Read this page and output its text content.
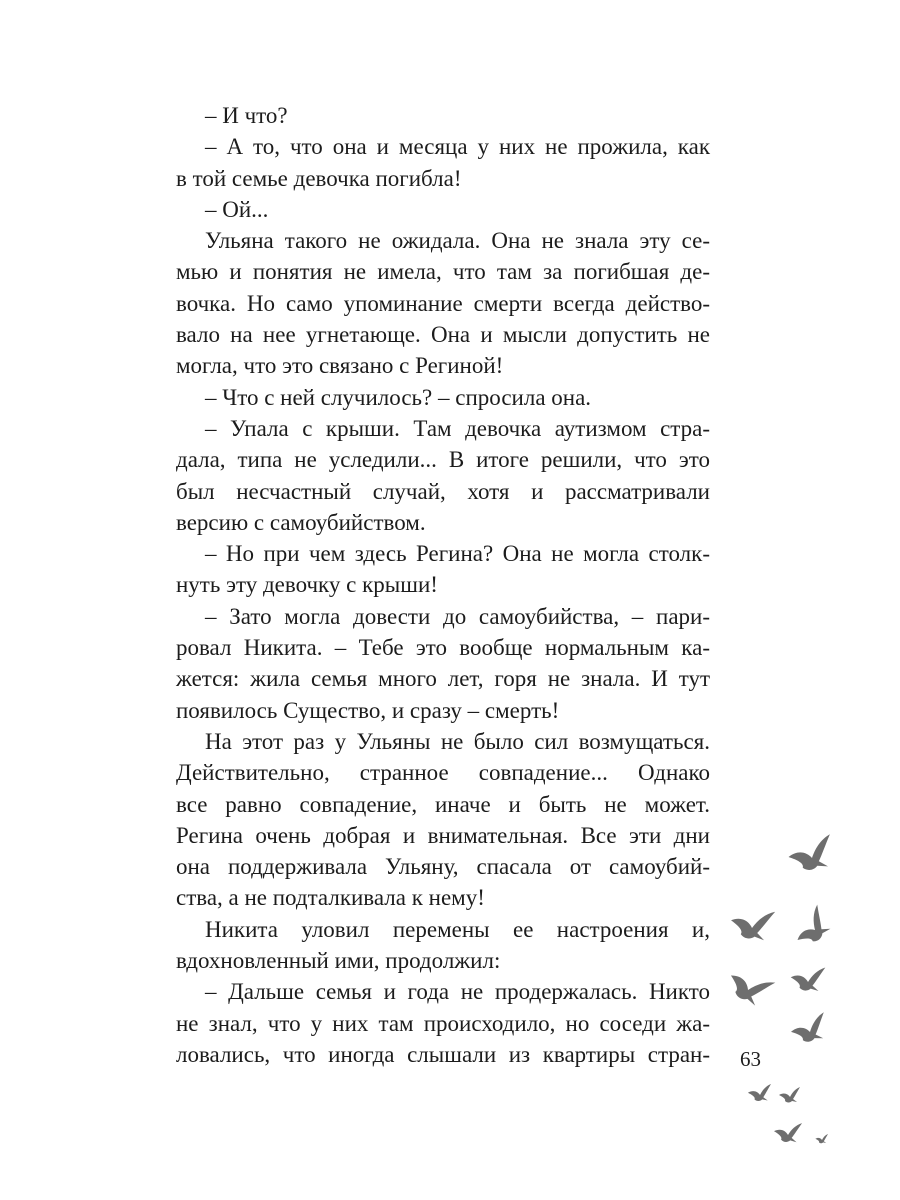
– И что?
– А то, что она и месяца у них не прожила, как
в той семье девочка погибла!
– Ой...
Ульяна такого не ожидала. Она не знала эту се-
мью и понятия не имела, что там за погибшая де-
вочка. Но само упоминание смерти всегда действо-
вало на нее угнетающе. Она и мысли допустить не
могла, что это связано с Региной!
– Что с ней случилось? – спросила она.
– Упала с крыши. Там девочка аутизмом стра-
дала, типа не уследили... В итоге решили, что это
был несчастный случай, хотя и рассматривали
версию с самоубийством.
– Но при чем здесь Регина? Она не могла столк-
нуть эту девочку с крыши!
– Зато могла довести до самоубийства, – пари-
ровал Никита. – Тебе это вообще нормальным ка-
жется: жила семья много лет, горя не знала. И тут
появилось Существо, и сразу – смерть!
На этот раз у Ульяны не было сил возмущаться.
Действительно, странное совпадение... Однако
все равно совпадение, иначе и быть не может.
Регина очень добрая и внимательная. Все эти дни
она поддерживала Ульяну, спасала от самоубий-
ства, а не подталкивала к нему!
Никита уловил перемены ее настроения и,
вдохновленный ими, продолжил:
– Дальше семья и года не продержалась. Никто
не знал, что у них там происходило, но соседи жа-
ловались, что иногда слышали из квартиры стран- 63
